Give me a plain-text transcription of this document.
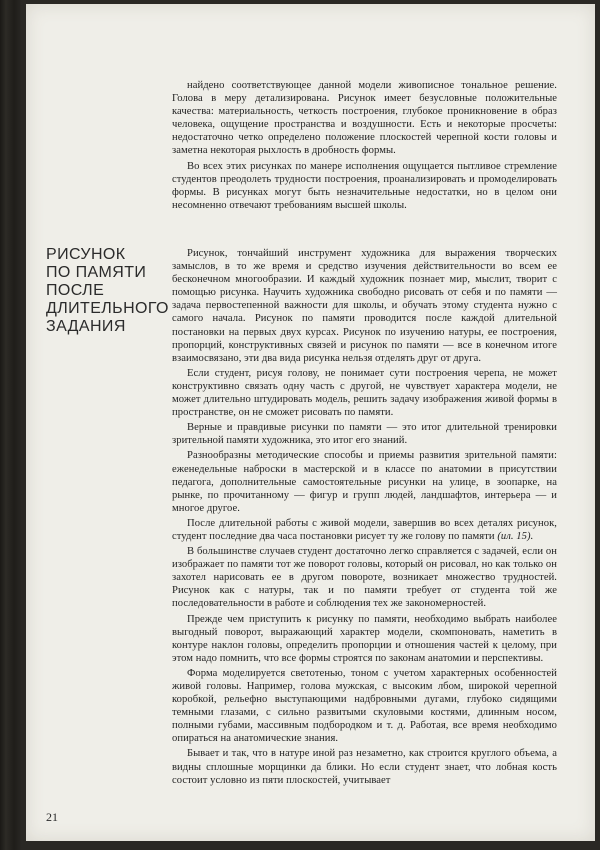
найдено соответствующее данной модели живописное тональное решение. Голова в меру детализирована. Рисунок имеет безусловные положительные качества: материальность, четкость построения, глубокое проникновение в образ человека, ощущение пространства и воздушности. Есть и некоторые просчеты: недостаточно четко определено положение плоскостей черепной кости головы и заметна некоторая рыхлость в дробность формы.

Во всех этих рисунках по манере исполнения ощущается пытливое стремление студентов преодолеть трудности построения, проанализировать и промоделировать формы. В рисунках могут быть незначительные недостатки, но в целом они несомненно отвечают требованиям высшей школы.

РИСУНОК
ПО ПАМЯТИ
ПОСЛЕ
ДЛИТЕЛЬНОГО
ЗАДАНИЯ

Рисунок, тончайший инструмент художника для выражения творческих замыслов, в то же время и средство изучения действительности во всем ее бесконечном многообразии. И каждый художник познает мир, мыслит, творит с помощью рисунка. Научить художника свободно рисовать от себя и по памяти — задача первостепенной важности для школы, и обучать этому студента нужно с самого начала. Рисунок по памяти проводится после каждой длительной постановки на первых двух курсах. Рисунок по изучению натуры, ее построения, пропорций, конструктивных связей и рисунок по памяти — все в конечном итоге взаимосвязано, эти два вида рисунка нельзя отделять друг от друга.

Если студент, рисуя голову, не понимает сути построения черепа, не может конструктивно связать одну часть с другой, не чувствует характера модели, не может длительно штудировать модель, решить задачу изображения живой формы в пространстве, он не сможет рисовать по памяти.

Верные и правдивые рисунки по памяти — это итог длительной тренировки зрительной памяти художника, это итог его знаний.

Разнообразны методические способы и приемы развития зрительной памяти: еженедельные наброски в мастерской и в классе по анатомии в присутствии педагога, дополнительные самостоятельные рисунки на улице, в зоопарке, на рынке, по прочитанному — фигур и групп людей, ландшафтов, интерьера — и многое другое.

После длительной работы с живой модели, завершив во всех деталях рисунок, студент последние два часа постановки рисует ту же голову по памяти (ил. 15).

В большинстве случаев студент достаточно легко справляется с задачей, если он изображает по памяти тот же поворот головы, который он рисовал, но как только он захотел нарисовать ее в другом повороте, возникает множество трудностей. Рисунок как с натуры, так и по памяти требует от студента той же последовательности в работе и соблюдения тех же закономерностей.

Прежде чем приступить к рисунку по памяти, необходимо выбрать наиболее выгодный поворот, выражающий характер модели, скомпоновать, наметить в контуре наклон головы, определить пропорции и отношения частей к целому, при этом надо помнить, что все формы строятся по законам анатомии и перспективы.

Форма моделируется светотенью, тоном с учетом характерных особенностей живой головы. Например, голова мужская, с высоким лбом, широкой черепной коробкой, рельефно выступающими надбровными дугами, глубоко сидящими темными глазами, с сильно развитыми скуловыми костями, длинным носом, полными губами, массивным подбородком и т. д. Работая, все время необходимо опираться на анатомические знания.

Бывает и так, что в натуре иной раз незаметно, как строится круглого объема, а видны сплошные морщинки да блики. Но если студент знает, что лобная кость состоит условно из пяти плоскостей, учитывает

21
